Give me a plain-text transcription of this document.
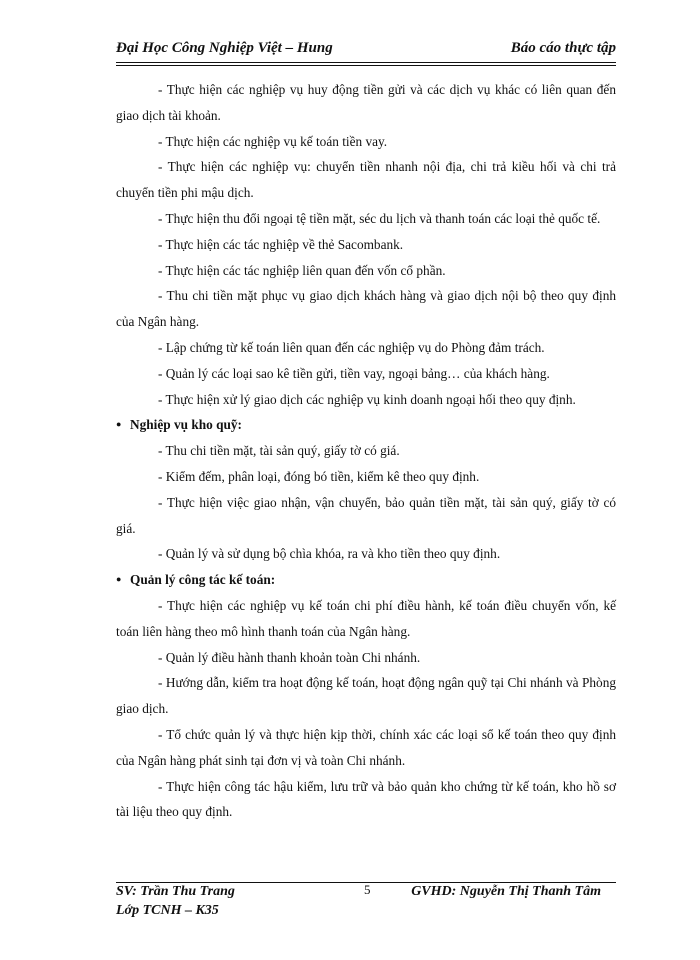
Đại Học Công Nghiệp Việt – Hung	Báo cáo thực tập

- Thực hiện các nghiệp vụ huy động tiền gửi và các dịch vụ khác có liên quan đến giao dịch tài khoản.

- Thực hiện các nghiệp vụ kế toán tiền vay.

- Thực hiện các nghiệp vụ: chuyển tiền nhanh nội địa, chi trả kiều hối và chi trả chuyển tiền phi mậu dịch.

- Thực hiện thu đổi ngoại tệ tiền mặt, séc du lịch và thanh toán các loại thẻ quốc tế.

- Thực hiện các tác nghiệp về thẻ Sacombank.

- Thực hiện các tác nghiệp liên quan đến vốn cổ phần.

- Thu chi tiền mặt phục vụ giao dịch khách hàng và giao dịch nội bộ theo quy định của Ngân hàng.

- Lập chứng từ kế toán liên quan đến các nghiệp vụ do Phòng đảm trách.

- Quản lý các loại sao kê tiền gửi, tiền vay, ngoại bảng… của khách hàng.

- Thực hiện xử lý giao dịch các nghiệp vụ kinh doanh ngoại hối theo quy định.

● Nghiệp vụ kho quỹ:

- Thu chi tiền mặt, tài sản quý, giấy tờ có giá.

- Kiểm đếm, phân loại, đóng bó tiền, kiểm kê theo quy định.

- Thực hiện việc giao nhận, vận chuyển, bảo quản tiền mặt, tài sản quý, giấy tờ có giá.

- Quản lý và sử dụng bộ chìa khóa, ra và kho tiền theo quy định.

● Quản lý công tác kế toán:

- Thực hiện các nghiệp vụ kế toán chi phí điều hành, kế toán điều chuyển vốn, kế toán liên hàng theo mô hình thanh toán của Ngân hàng.

- Quản lý điều hành thanh khoản toàn Chi nhánh.

- Hướng dẫn, kiểm tra hoạt động kế toán, hoạt động ngân quỹ tại Chi nhánh và Phòng giao dịch.

- Tổ chức quản lý và thực hiện kịp thời, chính xác các loại sổ kế toán theo quy định của Ngân hàng phát sinh tại đơn vị và toàn Chi nhánh.

- Thực hiện công tác hậu kiểm, lưu trữ và bảo quản kho chứng từ kế toán, kho hồ sơ tài liệu theo quy định.

SV: Trần Thu Trang
Lớp TCNH – K35
5	GVHD: Nguyễn Thị Thanh Tâm
